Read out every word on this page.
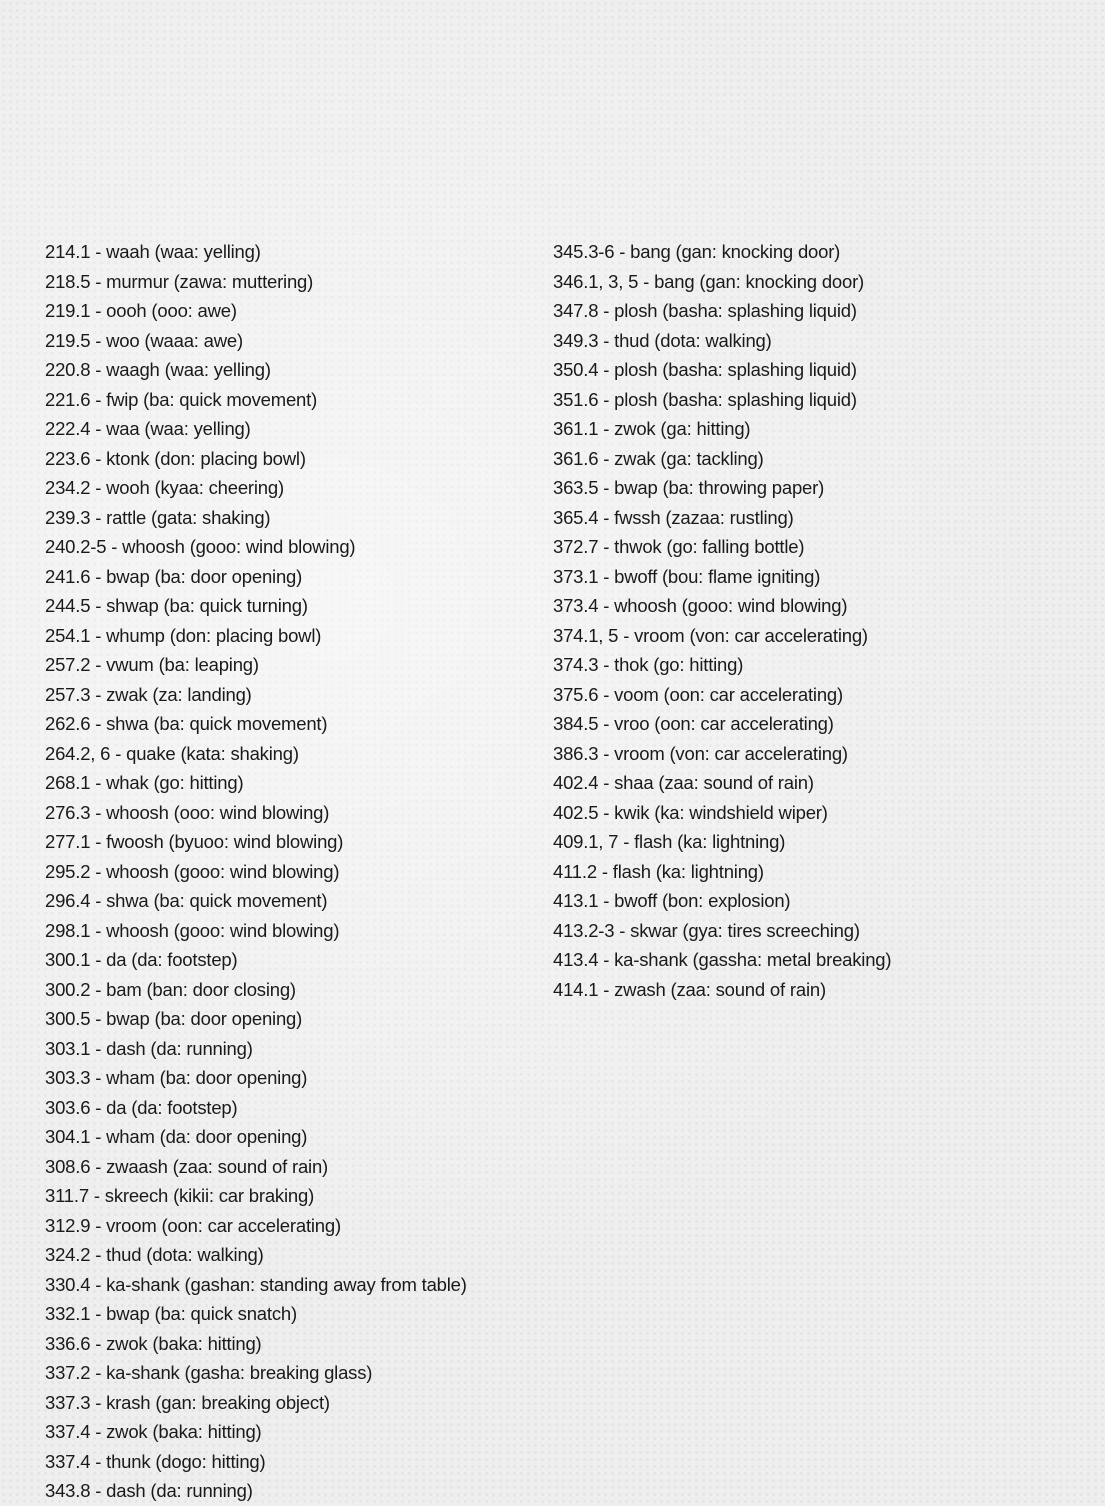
214.1 - waah (waa: yelling)
218.5 - murmur (zawa: muttering)
219.1 - oooh (ooo: awe)
219.5 - woo (waaa: awe)
220.8 - waagh (waa: yelling)
221.6 - fwip (ba: quick movement)
222.4 - waa (waa: yelling)
223.6 - ktonk (don: placing bowl)
234.2 - wooh (kyaa: cheering)
239.3 - rattle (gata: shaking)
240.2-5 - whoosh (gooo: wind blowing)
241.6 - bwap (ba: door opening)
244.5 - shwap (ba: quick turning)
254.1 - whump (don: placing bowl)
257.2 - vwum (ba: leaping)
257.3 - zwak (za: landing)
262.6 - shwa (ba: quick movement)
264.2, 6 - quake (kata: shaking)
268.1 - whak (go: hitting)
276.3 - whoosh (ooo: wind blowing)
277.1 - fwoosh (byuoo: wind blowing)
295.2 - whoosh (gooo: wind blowing)
296.4 - shwa (ba: quick movement)
298.1 - whoosh (gooo: wind blowing)
300.1 - da (da: footstep)
300.2 - bam (ban: door closing)
300.5 - bwap (ba: door opening)
303.1 - dash (da: running)
303.3 - wham (ba: door opening)
303.6 - da (da: footstep)
304.1 - wham (da: door opening)
308.6 - zwaash (zaa: sound of rain)
311.7 - skreech (kikii: car braking)
312.9 - vroom (oon: car accelerating)
324.2 - thud (dota: walking)
330.4 - ka-shank (gashan: standing away from table)
332.1 - bwap (ba: quick snatch)
336.6 - zwok (baka: hitting)
337.2 - ka-shank (gasha: breaking glass)
337.3 - krash (gan: breaking object)
337.4 - zwok (baka: hitting)
337.4 - thunk (dogo: hitting)
343.8 - dash (da: running)
345.3-6 - bang (gan: knocking door)
346.1, 3, 5 - bang (gan: knocking door)
347.8 - plosh (basha: splashing liquid)
349.3 - thud (dota: walking)
350.4 - plosh (basha: splashing liquid)
351.6 - plosh (basha: splashing liquid)
361.1 - zwok (ga: hitting)
361.6 - zwak (ga: tackling)
363.5 - bwap (ba: throwing paper)
365.4 - fwssh (zazaa: rustling)
372.7 - thwok (go: falling bottle)
373.1 - bwoff (bou: flame igniting)
373.4 - whoosh (gooo: wind blowing)
374.1, 5 - vroom (von: car accelerating)
374.3 - thok (go: hitting)
375.6 - voom (oon: car accelerating)
384.5 - vroo (oon: car accelerating)
386.3 - vroom (von: car accelerating)
402.4 - shaa (zaa: sound of rain)
402.5 - kwik (ka: windshield wiper)
409.1, 7 - flash (ka: lightning)
411.2 - flash (ka: lightning)
413.1 - bwoff (bon: explosion)
413.2-3 - skwar (gya: tires screeching)
413.4 - ka-shank (gassha: metal breaking)
414.1 - zwash (zaa: sound of rain)
